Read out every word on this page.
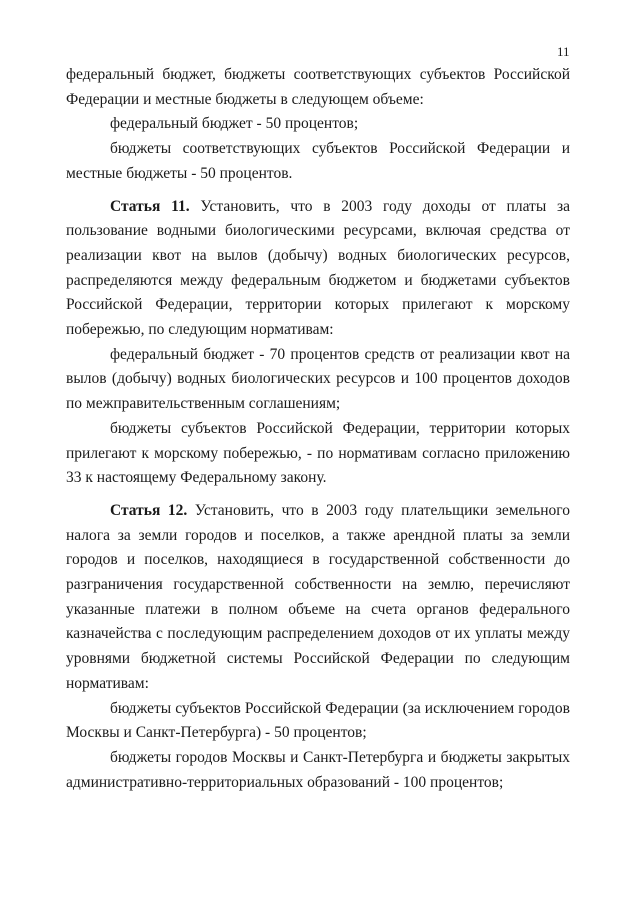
11

федеральный бюджет, бюджеты соответствующих субъектов Российской Федерации и местные бюджеты в следующем объеме:

федеральный бюджет - 50 процентов;

бюджеты соответствующих субъектов Российской Федерации и местные бюджеты - 50 процентов.

Статья 11. Установить, что в 2003 году доходы от платы за пользование водными биологическими ресурсами, включая средства от реализации квот на вылов (добычу) водных биологических ресурсов, распределяются между федеральным бюджетом и бюджетами субъектов Российской Федерации, территории которых прилегают к морскому побережью, по следующим нормативам:

федеральный бюджет - 70 процентов средств от реализации квот на вылов (добычу) водных биологических ресурсов и 100 процентов доходов по межправительственным соглашениям;

бюджеты субъектов Российской Федерации, территории которых прилегают к морскому побережью, - по нормативам согласно приложению 33 к настоящему Федеральному закону.

Статья 12. Установить, что в 2003 году плательщики земельного налога за земли городов и поселков, а также арендной платы за земли городов и поселков, находящиеся в государственной собственности до разграничения государственной собственности на землю, перечисляют указанные платежи в полном объеме на счета органов федерального казначейства с последующим распределением доходов от их уплаты между уровнями бюджетной системы Российской Федерации по следующим нормативам:

бюджеты субъектов Российской Федерации (за исключением городов Москвы и Санкт-Петербурга) - 50 процентов;

бюджеты городов Москвы и Санкт-Петербурга и бюджеты закрытых административно-территориальных образований - 100 процентов;
